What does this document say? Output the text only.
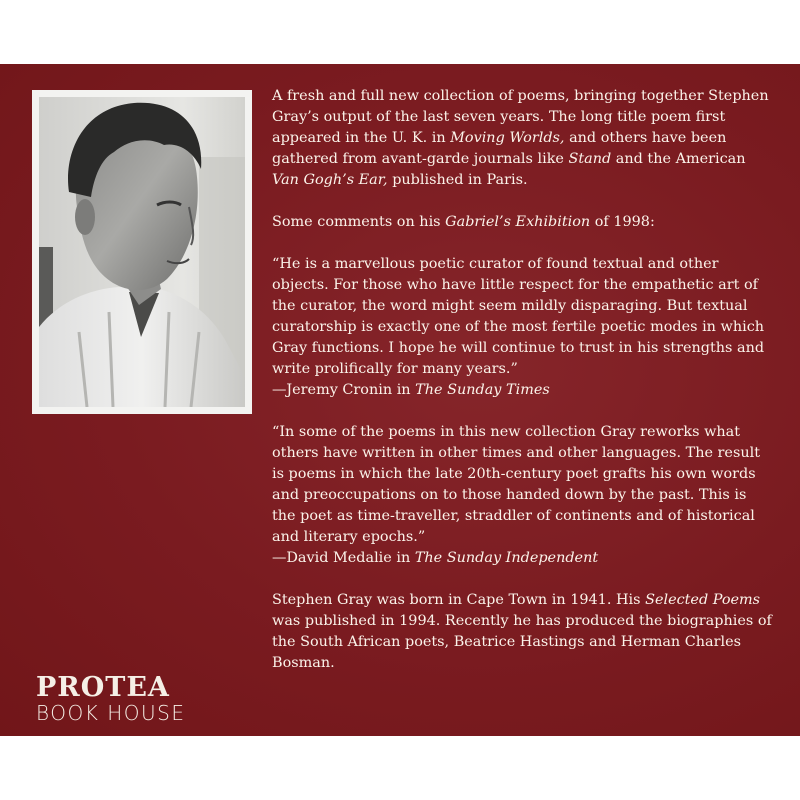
A fresh and full new collection of poems, bringing together Stephen Gray’s output of the last seven years. The long title poem first appeared in the U. K. in Moving Worlds, and others have been gathered from avant-garde journals like Stand and the American Van Gogh’s Ear, published in Paris.

Some comments on his Gabriel’s Exhibition of 1998:

“He is a marvellous poetic curator of found textual and other objects. For those who have little respect for the empathetic art of the curator, the word might seem mildly disparaging. But textual curatorship is exactly one of the most fertile poetic modes in which Gray functions. I hope he will continue to trust in his strengths and write prolifically for many years.”

—Jeremy Cronin in The Sunday Times

“In some of the poems in this new collection Gray reworks what others have written in other times and other languages. The result is poems in which the late 20th-century poet grafts his own words and preoccupations on to those handed down by the past. This is the poet as time-traveller, straddler of continents and of historical and literary epochs.”

—David Medalie in The Sunday Independent

Stephen Gray was born in Cape Town in 1941. His Selected Poems was published in 1994. Recently he has produced the biographies of the South African poets, Beatrice Hastings and Herman Charles Bosman.

PROTEA
BOOK HOUSE
